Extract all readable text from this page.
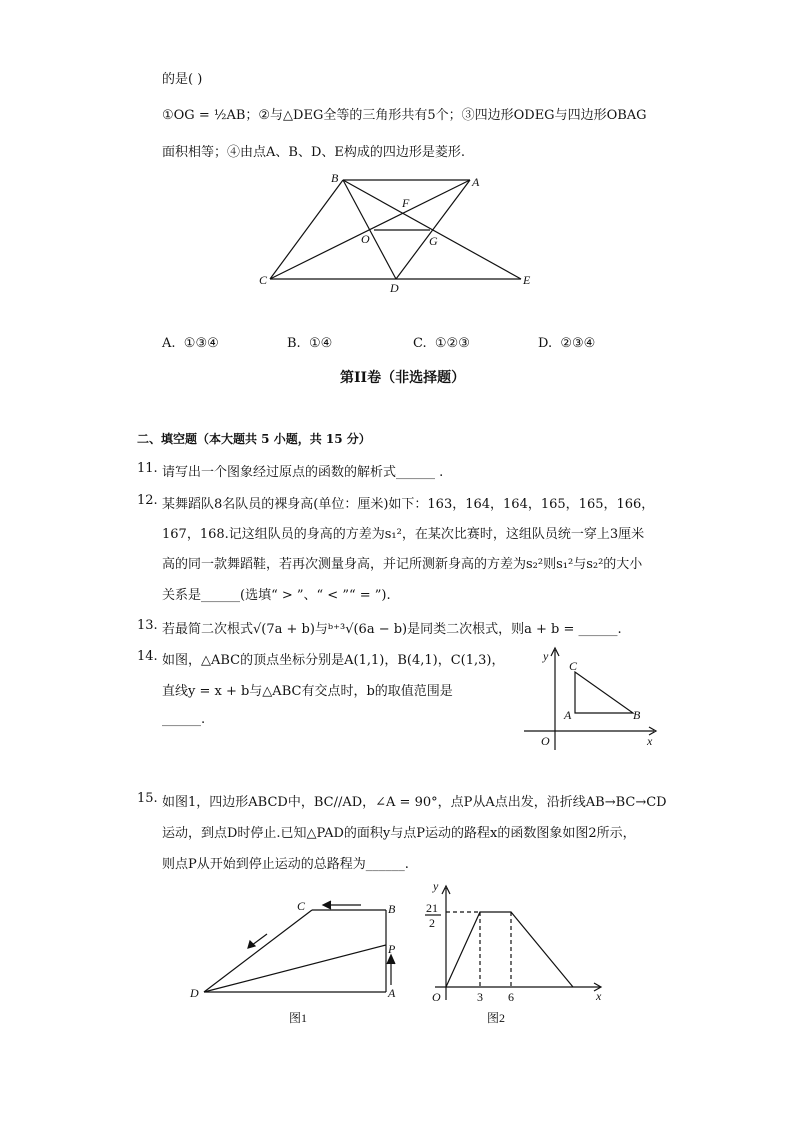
的是( )
①OG = ½AB；②与△DEG全等的三角形共有5个；③四边形ODEG与四边形OBAG
面积相等；④由点A、B、D、E构成的四边形是菱形.
B	A
F
O	G
C
D
E
A. ①③④	B. ①④	C. ①②③	D. ②③④
第II卷（非选择题）
二、填空题（本大题共 5 小题，共 15 分）
11. 请写出一个图象经过原点的函数的解析式______ .
12. 某舞蹈队8名队员的裸身高(单位：厘米)如下：163，164，164，165，165，166，
167，168.记这组队员的身高的方差为s₁²，在某次比赛时，这组队员统一穿上3厘米
高的同一款舞蹈鞋，若再次测量身高，并记所测新身高的方差为s₂²则s₁²与s₂²的大小
关系是______(选填“ > ”、“ < ”“ = ”).
13. 若最简二次根式√(7a + b)与ᵇ⁺³√(6a − b)是同类二次根式，则a + b = ______.
14. 如图，△ABC的顶点坐标分别是A(1,1)，B(4,1)，C(1,3)，
直线y = x + b与△ABC有交点时，b的取值范围是
______.
y
x
O
A	B
C
15. 如图1，四边形ABCD中，BC//AD，∠A = 90°，点P从A点出发，沿折线AB→BC→CD
运动，到点D时停止.已知△PAD的面积y与点P运动的路程x的函数图象如图2所示，
则点P从开始到停止运动的总路程为______.
C	B
P
D	A
图1
y
x
O
21
2
3 6
图2
